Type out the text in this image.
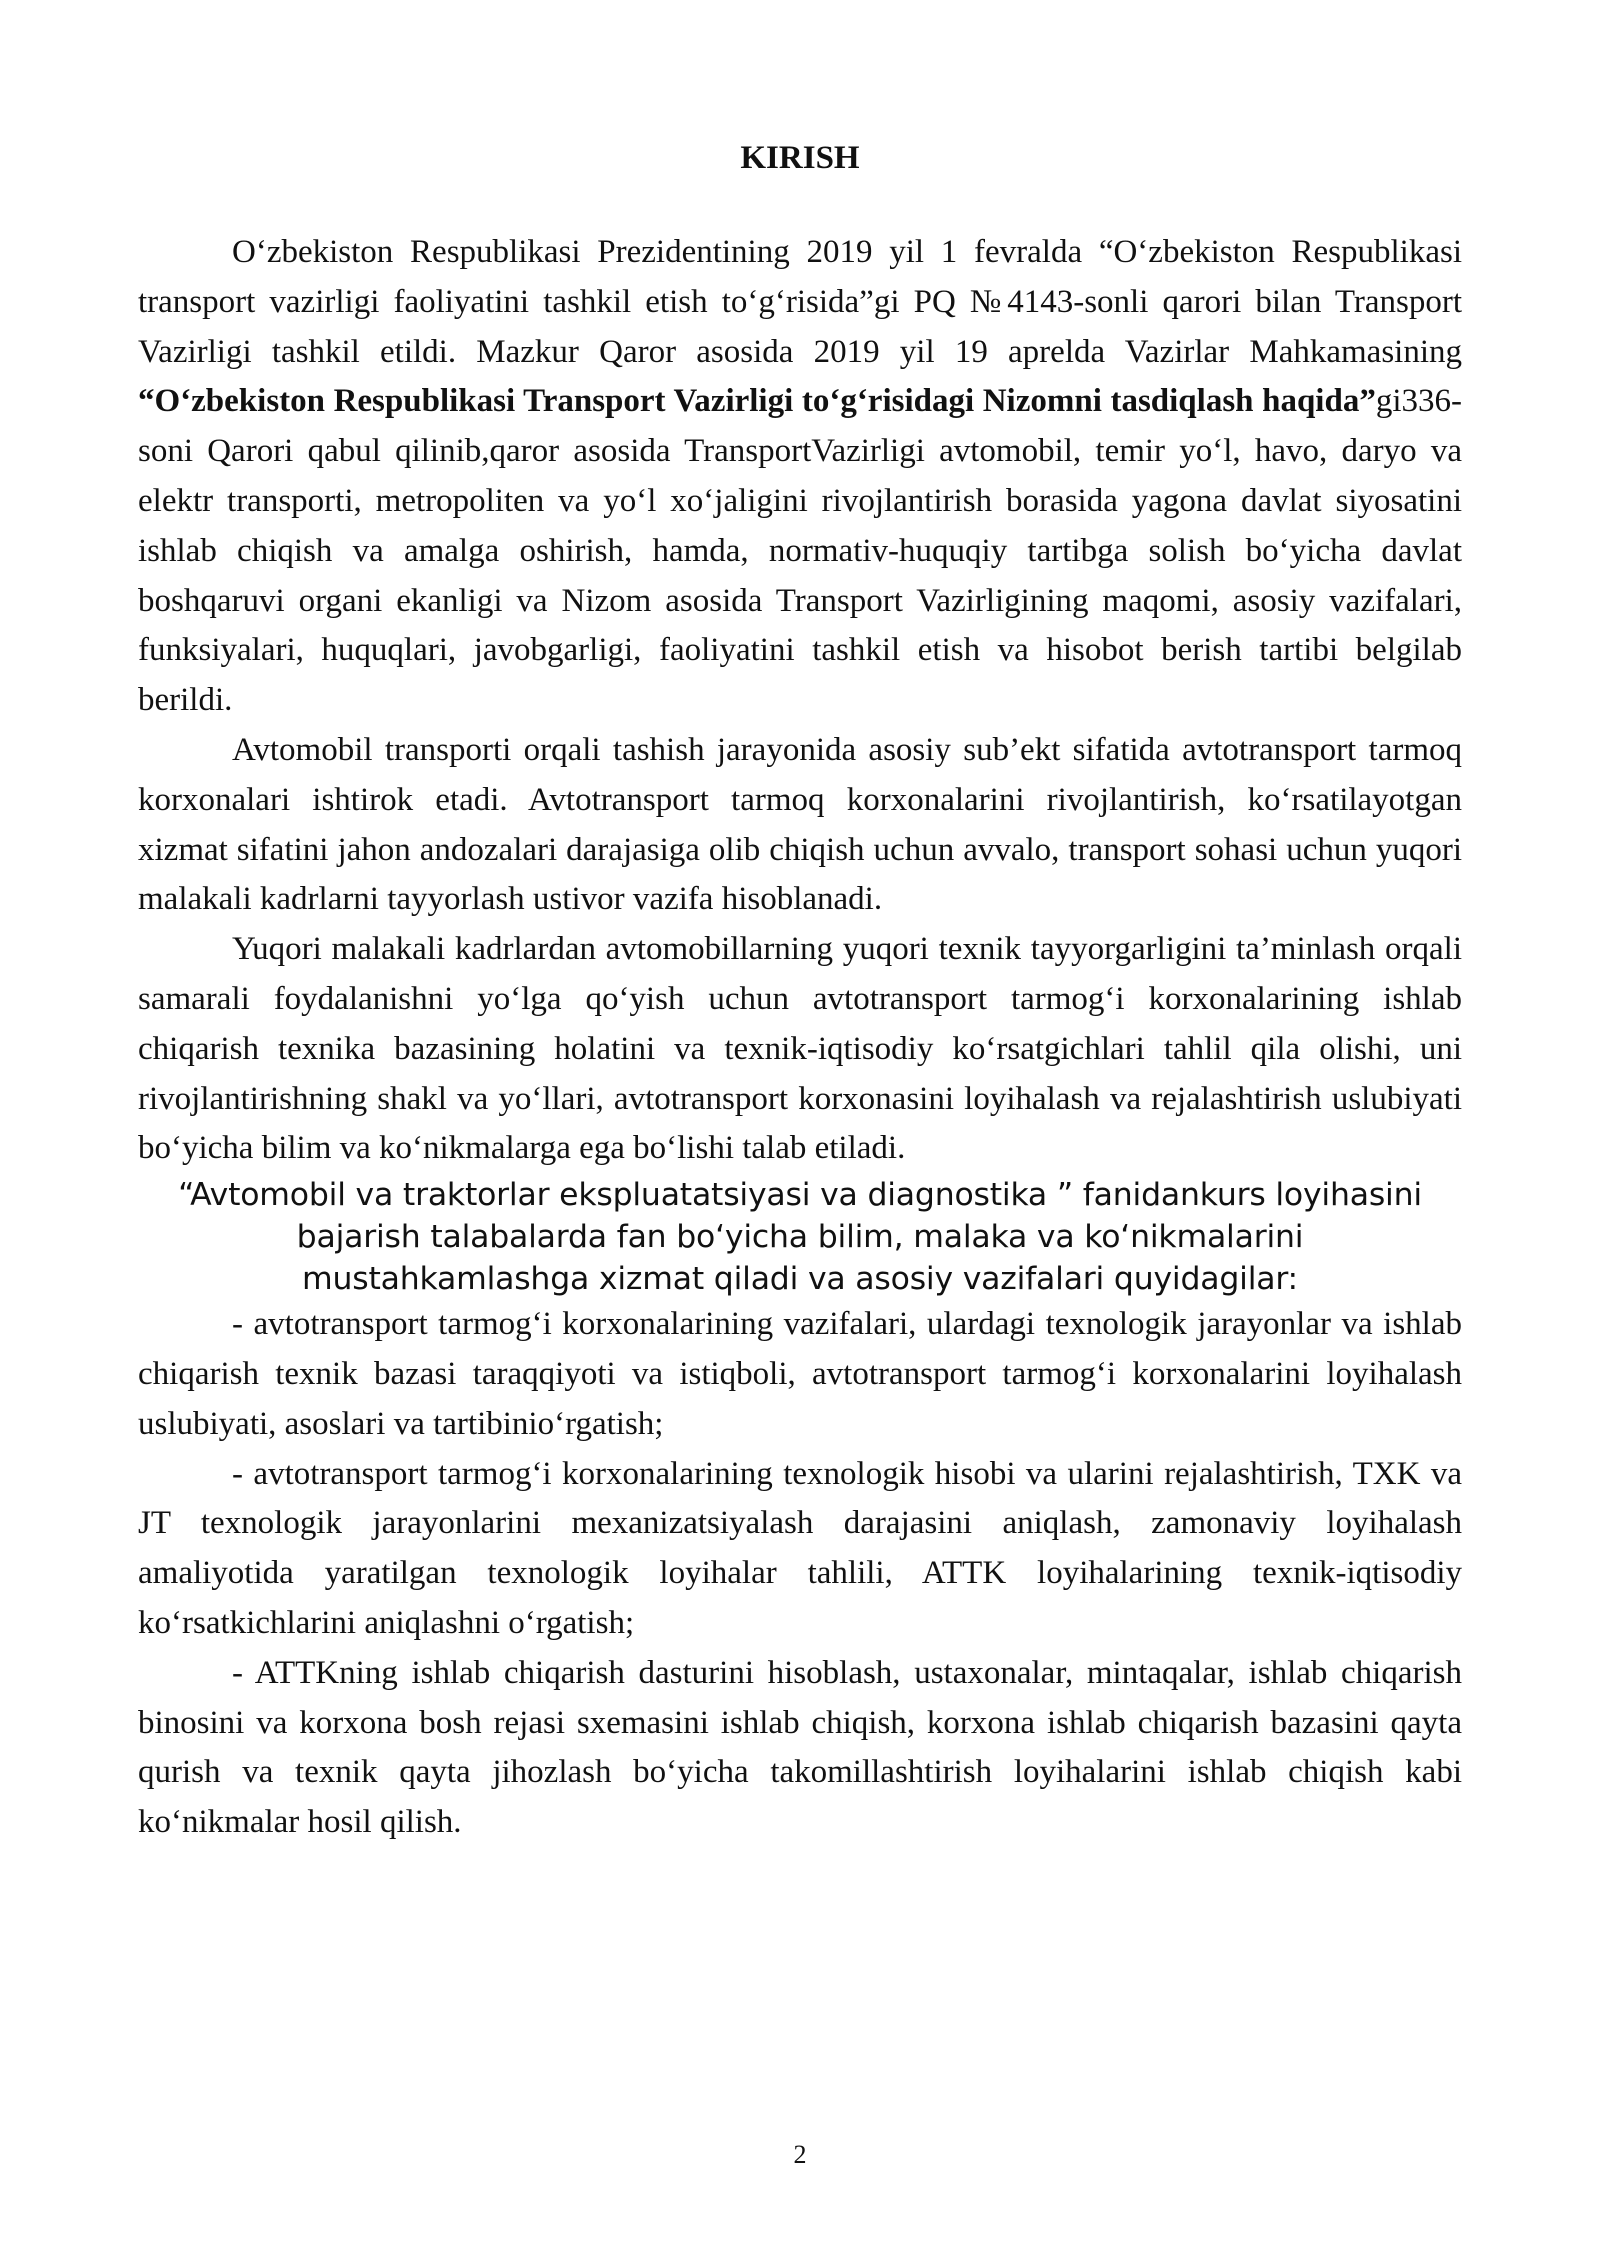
KIRISH

O‘zbekiston Respublikasi Prezidentining 2019 yil 1 fevralda “O‘zbekiston Respublikasi transport vazirligi faoliyatini tashkil etish to‘g‘risida”gi PQ №4143-sonli qarori bilan Transport Vazirligi tashkil etildi. Mazkur Qaror asosida 2019 yil 19 aprelda Vazirlar Mahkamasining “O‘zbekiston Respublikasi Transport Vazirligi to‘g‘risidagi Nizomni tasdiqlash haqida”gi336-soni Qarori qabul qilinib,qaror asosida TransportVazirligi avtomobil, temir yo‘l, havo, daryo va elektr transporti, metropoliten va yo‘l xo‘jaligini rivojlantirish borasida yagona davlat siyosatini ishlab chiqish va amalga oshirish, hamda, normativ-huquqiy tartibga solish bo‘yicha davlat boshqaruvi organi ekanligi va Nizom asosida Transport Vazirligining maqomi, asosiy vazifalari, funksiyalari, huquqlari, javobgarligi, faoliyatini tashkil etish va hisobot berish tartibi belgilab berildi.

Avtomobil transporti orqali tashish jarayonida asosiy sub’ekt sifatida avtotransport tarmoq korxonalari ishtirok etadi. Avtotransport tarmoq korxonalarini rivojlantirish, ko‘rsatilayotgan xizmat sifatini jahon andozalari darajasiga olib chiqish uchun avvalo, transport sohasi uchun yuqori malakali kadrlarni tayyorlash ustivor vazifa hisoblanadi.

Yuqori malakali kadrlardan avtomobillarning yuqori texnik tayyorgarligini ta’minlash orqali samarali foydalanishni yo‘lga qo‘yish uchun avtotransport tarmog‘i korxonalarining ishlab chiqarish texnika bazasining holatini va texnik-iqtisodiy ko‘rsatgichlari tahlil qila olishi, uni rivojlantirishning shakl va yo‘llari, avtotransport korxonasini loyihalash va rejalashtirish uslubiyati bo‘yicha bilim va ko‘nikmalarga ega bo‘lishi talab etiladi.

“Avtomobil va traktorlar ekspluatatsiyasi va diagnostika ” fanidankurs loyihasini bajarish talabalarda fan bo‘yicha bilim, malaka va ko‘nikmalarini mustahkamlashga xizmat qiladi va asosiy vazifalari quyidagilar:

- avtotransport tarmog‘i korxonalarining vazifalari, ulardagi texnologik jarayonlar va ishlab chiqarish texnik bazasi taraqqiyoti va istiqboli, avtotransport tarmog‘i korxonalarini loyihalash uslubiyati, asoslari va tartibinio‘rgatish;

- avtotransport tarmog‘i korxonalarining texnologik hisobi va ularini rejalashtirish, TXK va JT texnologik jarayonlarini mexanizatsiyalash darajasini aniqlash, zamonaviy loyihalash amaliyotida yaratilgan texnologik loyihalar tahlili, ATTK loyihalarining texnik-iqtisodiy ko‘rsatkichlarini aniqlashni o‘rgatish;

- ATTKning ishlab chiqarish dasturini hisoblash, ustaxonalar, mintaqalar, ishlab chiqarish binosini va korxona bosh rejasi sxemasini ishlab chiqish, korxona ishlab chiqarish bazasini qayta qurish va texnik qayta jihozlash bo‘yicha takomillashtirish loyihalarini ishlab chiqish kabi ko‘nikmalar hosil qilish.

2
